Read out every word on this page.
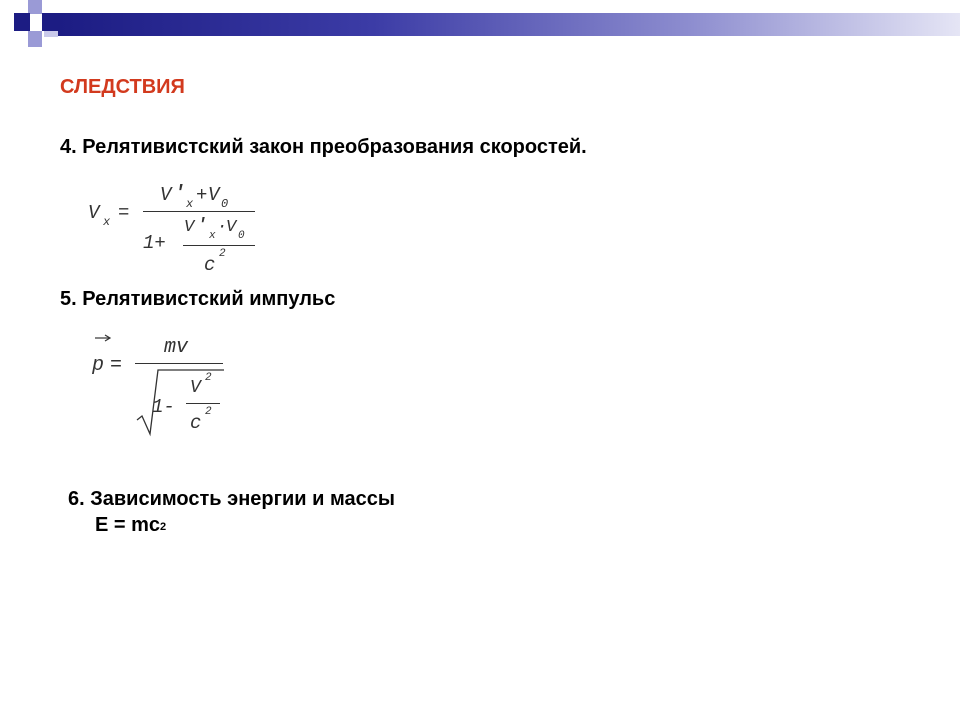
СЛЕДСТВИЯ
4. Релятивистский закон преобразования скоростей.
V x =
V ' x + V 0
1+
V '
x ·
V 0
c 2
5. Релятивистский импульс
p =
mv
1-
V 2
c 2
6. Зависимость энергии и массы
$E = mc^2$
